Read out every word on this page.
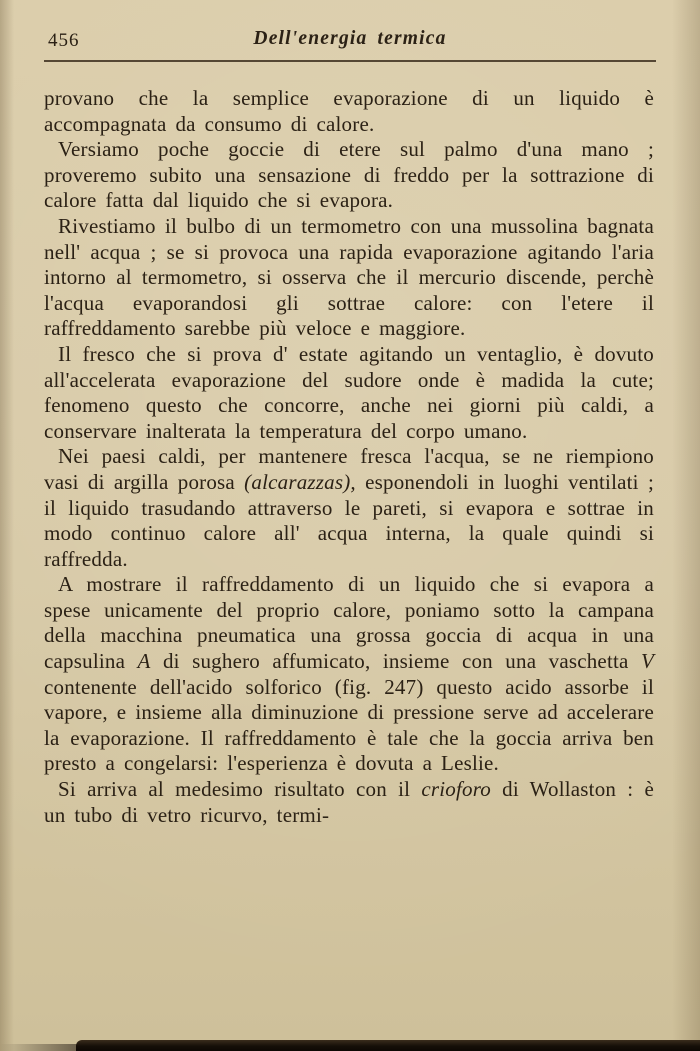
456	Dell'energia termica

provano che la semplice evaporazione di un liquido è accompagnata da consumo di calore.

Versiamo poche goccie di etere sul palmo d'una mano ; proveremo subito una sensazione di freddo per la sottrazione di calore fatta dal liquido che si evapora.

Rivestiamo il bulbo di un termometro con una mussolina bagnata nell' acqua ; se si provoca una rapida evaporazione agitando l'aria intorno al termometro, si osserva che il mercurio discende, perchè l'acqua evaporandosi gli sottrae calore: con l'etere il raffreddamento sarebbe più veloce e maggiore.

Il fresco che si prova d' estate agitando un ventaglio, è dovuto all'accelerata evaporazione del sudore onde è madida la cute; fenomeno questo che concorre, anche nei giorni più caldi, a conservare inalterata la temperatura del corpo umano.

Nei paesi caldi, per mantenere fresca l'acqua, se ne riempiono vasi di argilla porosa (alcarazzas), esponendoli in luoghi ventilati ; il liquido trasudando attraverso le pareti, si evapora e sottrae in modo continuo calore all' acqua interna, la quale quindi si raffredda.

A mostrare il raffreddamento di un liquido che si evapora a spese unicamente del proprio calore, poniamo sotto la campana della macchina pneumatica una grossa goccia di acqua in una capsulina A di sughero affumicato, insieme con una vaschetta V contenente dell'acido solforico (fig. 247) questo acido assorbe il vapore, e insieme alla diminuzione di pressione serve ad accelerare la evaporazione. Il raffreddamento è tale che la goccia arriva ben presto a congelarsi: l'esperienza è dovuta a Leslie.

Si arriva al medesimo risultato con il crioforo di Wollaston : è un tubo di vetro ricurvo, termi-
